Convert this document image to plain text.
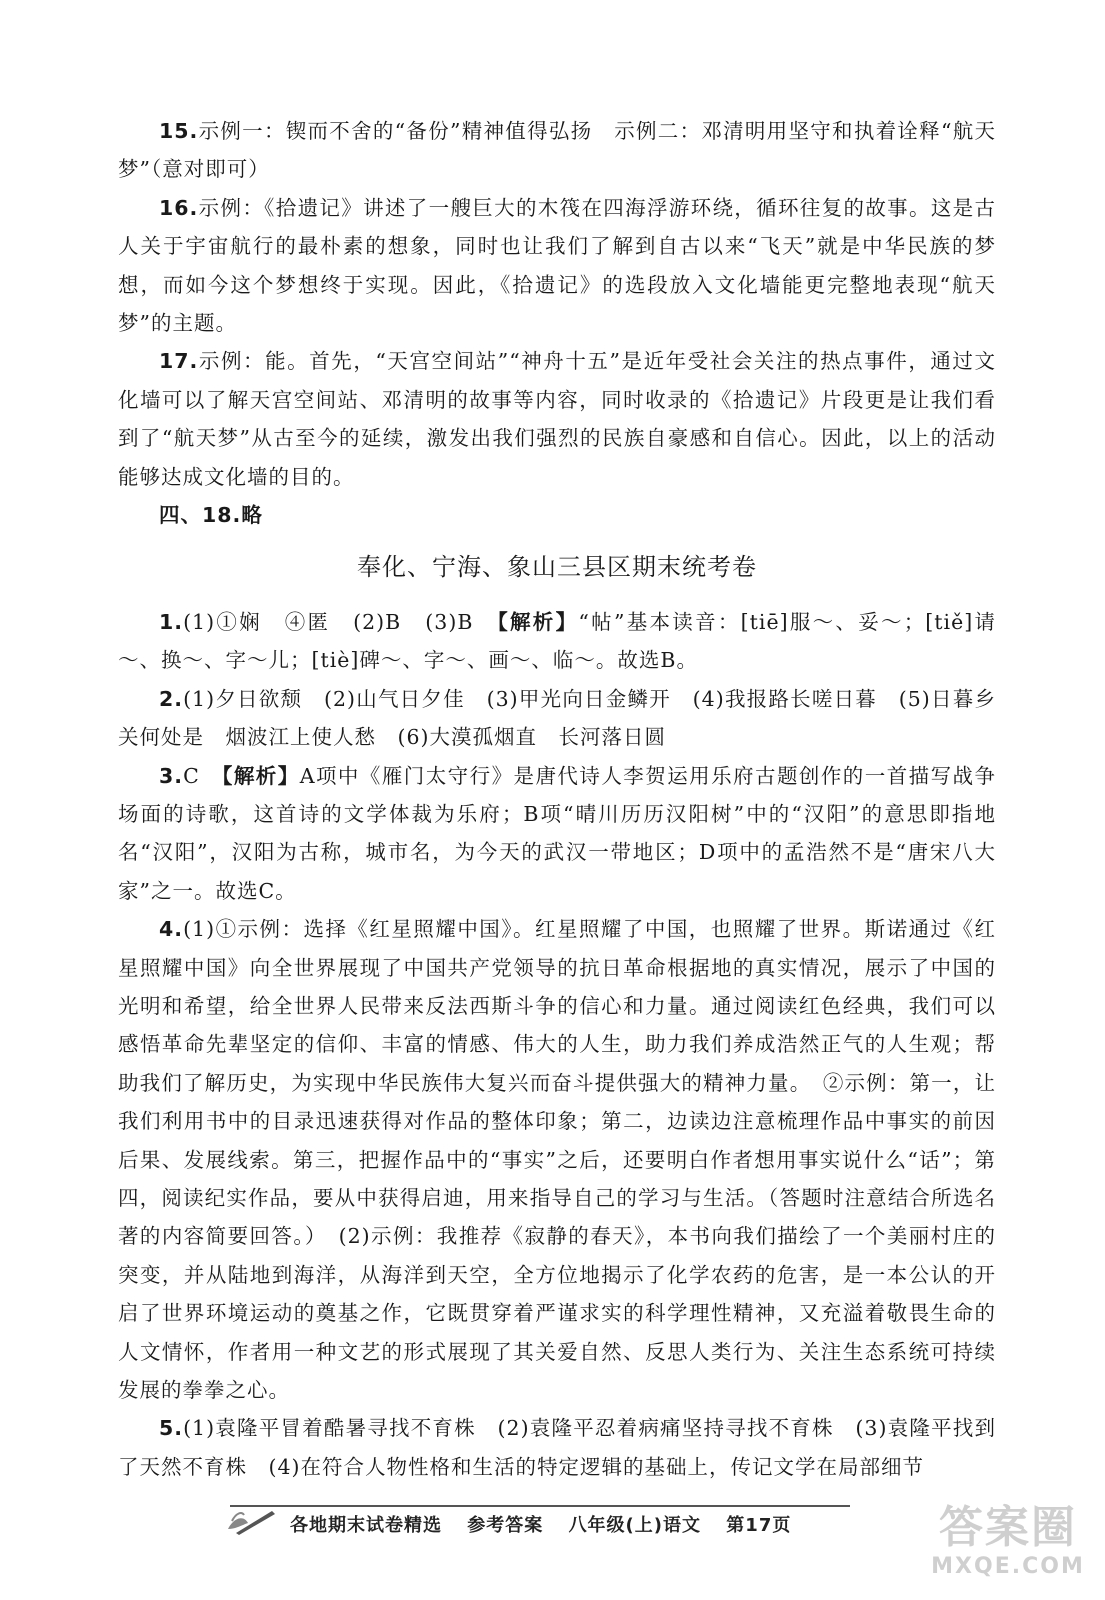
15.示例一：锲而不舍的“备份”精神值得弘扬　示例二：邓清明用坚守和执着诠释“航天梦”（意对即可）

16.示例：《拾遗记》讲述了一艘巨大的木筏在四海浮游环绕，循环往复的故事。这是古人关于宇宙航行的最朴素的想象，同时也让我们了解到自古以来“飞天”就是中华民族的梦想，而如今这个梦想终于实现。因此，《拾遗记》的选段放入文化墙能更完整地表现“航天梦”的主题。

17.示例：能。首先，“天宫空间站”“神舟十五”是近年受社会关注的热点事件，通过文化墙可以了解天宫空间站、邓清明的故事等内容，同时收录的《拾遗记》片段更是让我们看到了“航天梦”从古至今的延续，激发出我们强烈的民族自豪感和自信心。因此，以上的活动能够达成文化墙的目的。

四、18.略

奉化、宁海、象山三县区期末统考卷

1.(1)①娴　④匿　(2)B　(3)B　【解析】“帖”基本读音：[tiē]服～、妥～；[tiě]请～、换～、字～儿；[tiè]碑～、字～、画～、临～。故选B。

2.(1)夕日欲颓　(2)山气日夕佳　(3)甲光向日金鳞开　(4)我报路长嗟日暮　(5)日暮乡关何处是　烟波江上使人愁　(6)大漠孤烟直　长河落日圆

3.C　【解析】A项中《雁门太守行》是唐代诗人李贺运用乐府古题创作的一首描写战争场面的诗歌，这首诗的文学体裁为乐府；B项“晴川历历汉阳树”中的“汉阳”的意思即指地名“汉阳”，汉阳为古称，城市名，为今天的武汉一带地区；D项中的孟浩然不是“唐宋八大家”之一。故选C。

4.(1)①示例：选择《红星照耀中国》。红星照耀了中国，也照耀了世界。斯诺通过《红星照耀中国》向全世界展现了中国共产党领导的抗日革命根据地的真实情况，展示了中国的光明和希望，给全世界人民带来反法西斯斗争的信心和力量。通过阅读红色经典，我们可以感悟革命先辈坚定的信仰、丰富的情感、伟大的人生，助力我们养成浩然正气的人生观；帮助我们了解历史，为实现中华民族伟大复兴而奋斗提供强大的精神力量。　②示例：第一，让我们利用书中的目录迅速获得对作品的整体印象；第二，边读边注意梳理作品中事实的前因后果、发展线索。第三，把握作品中的“事实”之后，还要明白作者想用事实说什么“话”；第四，阅读纪实作品，要从中获得启迪，用来指导自己的学习与生活。（答题时注意结合所选名著的内容简要回答。）　(2)示例：我推荐《寂静的春天》，本书向我们描绘了一个美丽村庄的突变，并从陆地到海洋，从海洋到天空，全方位地揭示了化学农药的危害，是一本公认的开启了世界环境运动的奠基之作，它既贯穿着严谨求实的科学理性精神，又充溢着敬畏生命的人文情怀，作者用一种文艺的形式展现了其关爱自然、反思人类行为、关注生态系统可持续发展的拳拳之心。

5.(1)袁隆平冒着酷暑寻找不育株　(2)袁隆平忍着病痛坚持寻找不育株　(3)袁隆平找到了天然不育株　(4)在符合人物性格和生活的特定逻辑的基础上，传记文学在局部细节

各地期末试卷精选 参考答案 八年级(上)语文 第17页	答案圈
MXQE.COM
